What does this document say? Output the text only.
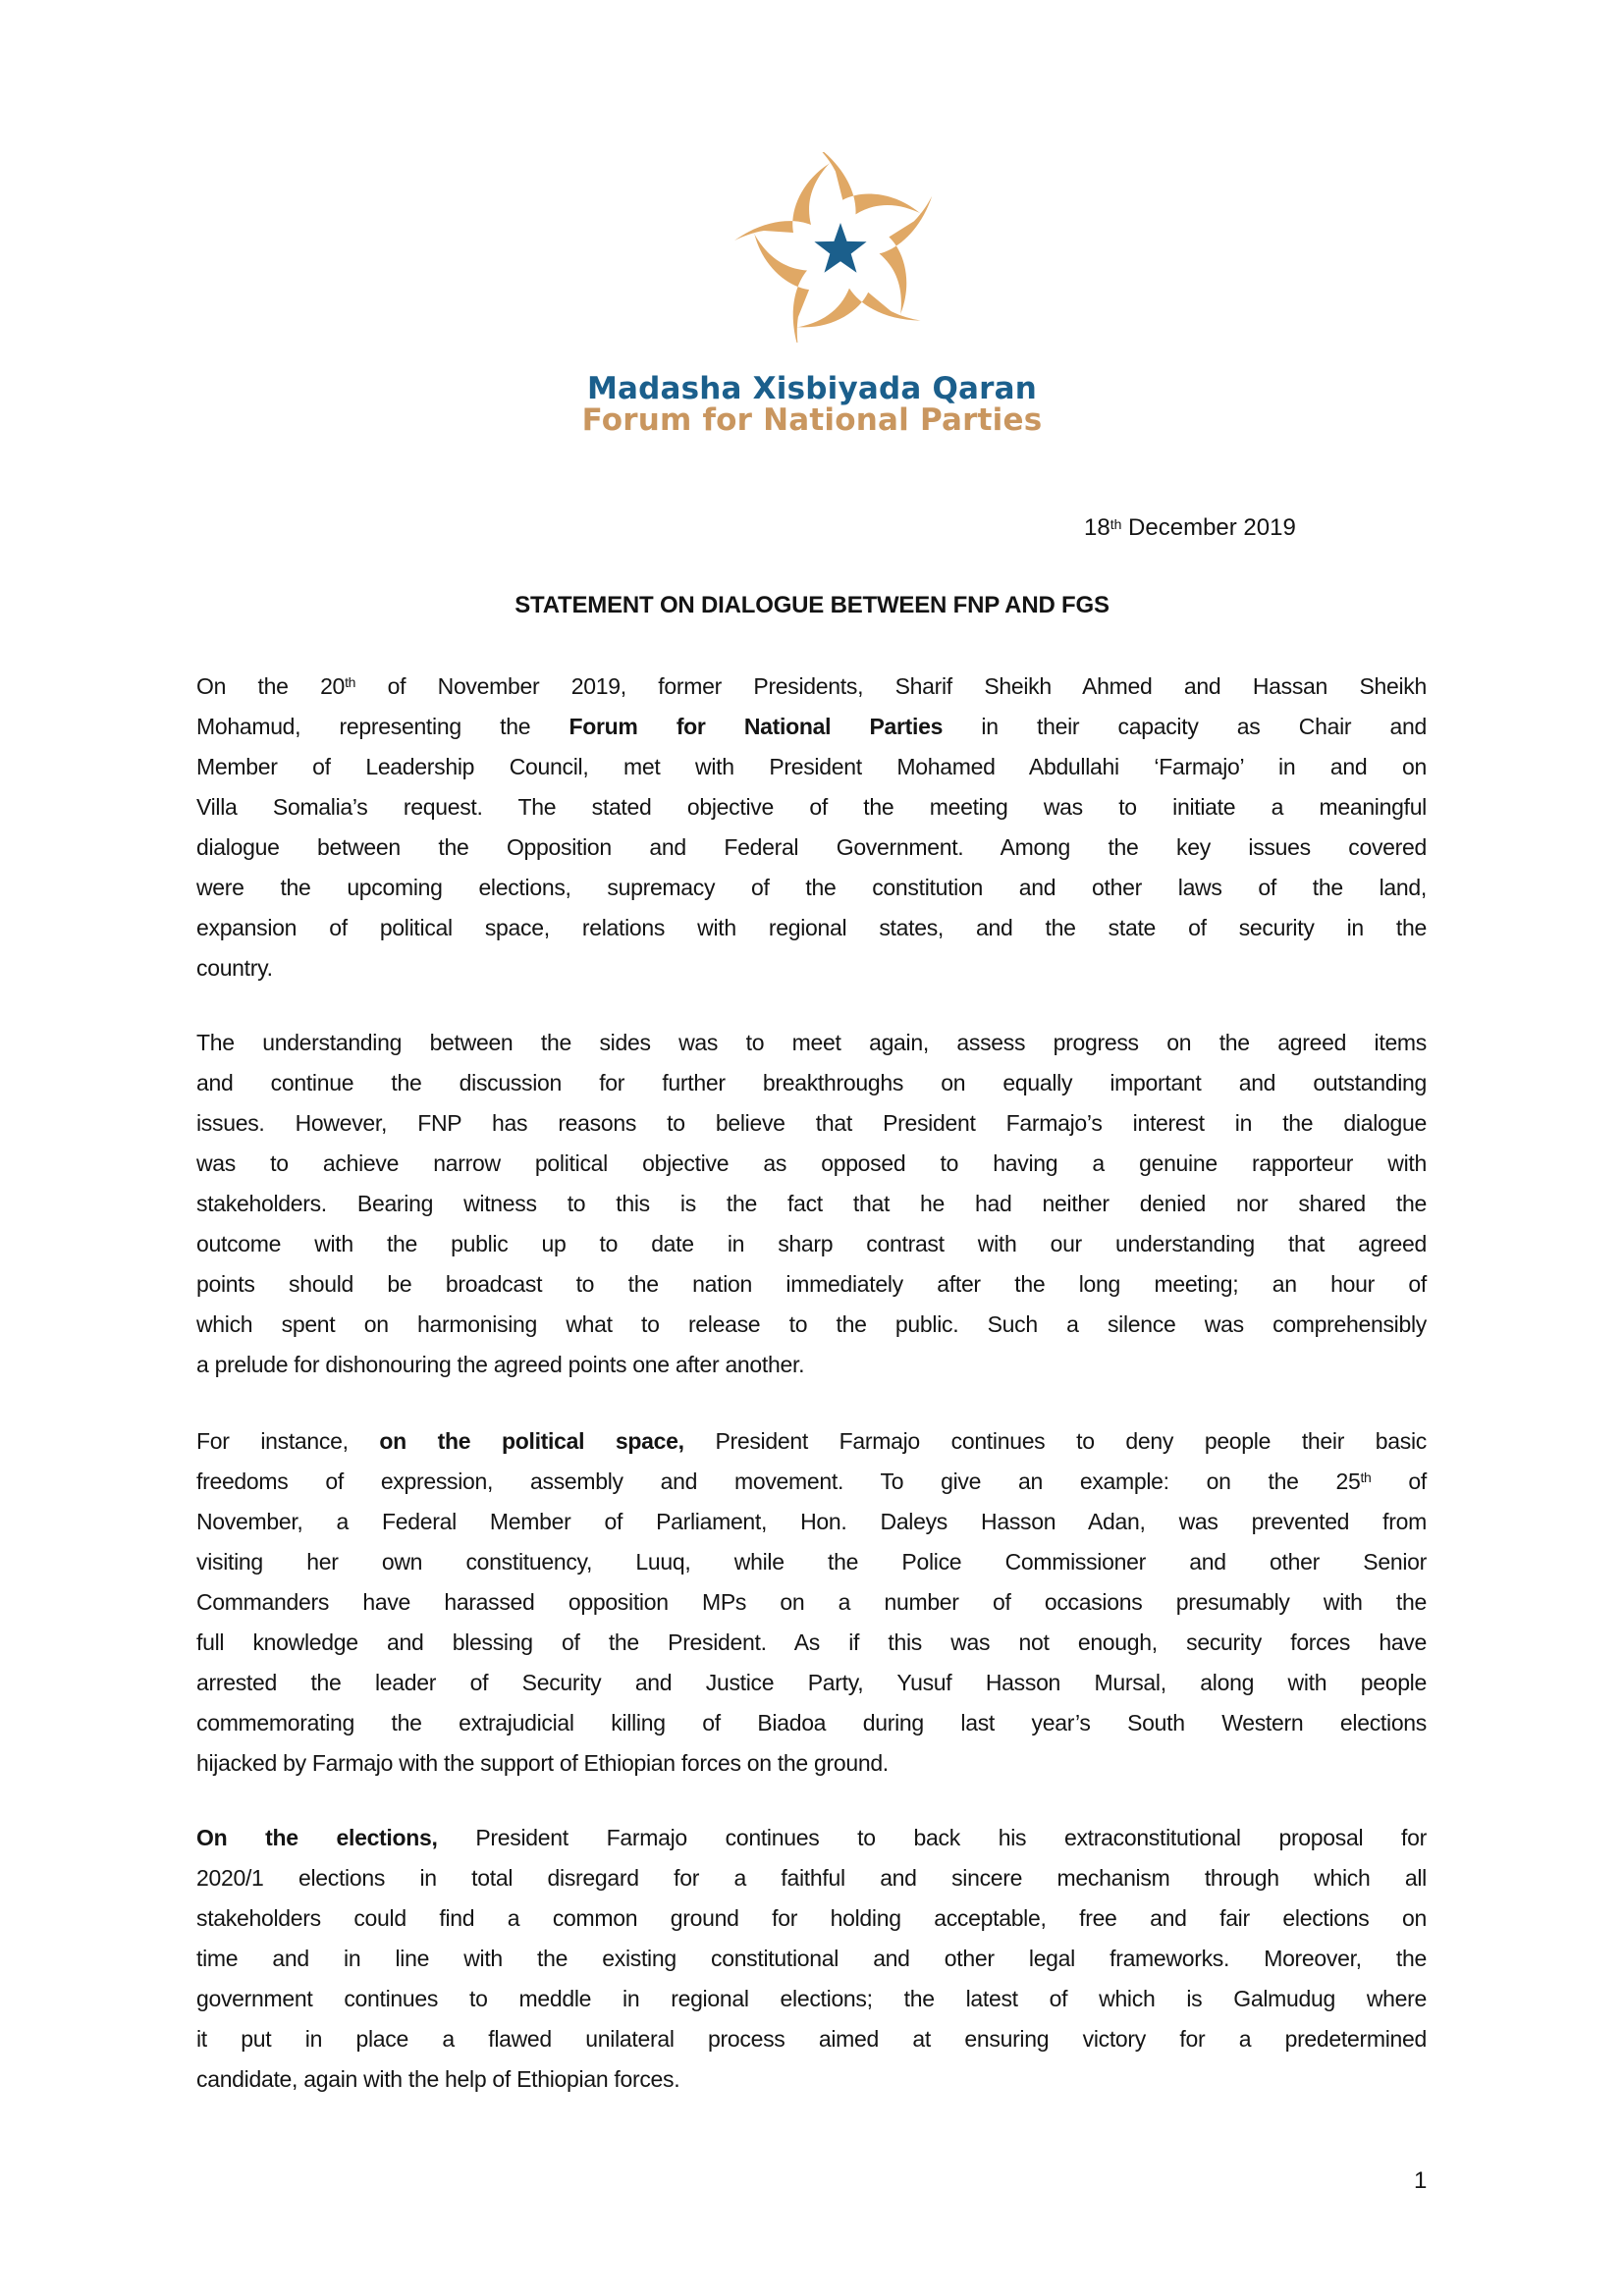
Madasha Xisbiyada Qaran
Forum for National Parties
18th December 2019
STATEMENT ON DIALOGUE BETWEEN FNP AND FGS
On the 20th of November 2019, former Presidents, Sharif Sheikh Ahmed and Hassan Sheikh
Mohamud, representing the Forum for National Parties in their capacity as Chair and
Member of Leadership Council, met with President Mohamed Abdullahi ‘Farmajo’ in and on
Villa Somalia’s request. The stated objective of the meeting was to initiate a meaningful
dialogue between the Opposition and Federal Government. Among the key issues covered
were the upcoming elections, supremacy of the constitution and other laws of the land,
expansion of political space, relations with regional states, and the state of security in the
country.
The understanding between the sides was to meet again, assess progress on the agreed items
and continue the discussion for further breakthroughs on equally important and outstanding
issues. However, FNP has reasons to believe that President Farmajo’s interest in the dialogue
was to achieve narrow political objective as opposed to having a genuine rapporteur with
stakeholders. Bearing witness to this is the fact that he had neither denied nor shared the
outcome with the public up to date in sharp contrast with our understanding that agreed
points should be broadcast to the nation immediately after the long meeting; an hour of
which spent on harmonising what to release to the public. Such a silence was comprehensibly
a prelude for dishonouring the agreed points one after another.
For instance, on the political space, President Farmajo continues to deny people their basic
freedoms of expression, assembly and movement. To give an example: on the 25th of
November, a Federal Member of Parliament, Hon. Daleys Hasson Adan, was prevented from
visiting her own constituency, Luuq, while the Police Commissioner and other Senior
Commanders have harassed opposition MPs on a number of occasions presumably with the
full knowledge and blessing of the President. As if this was not enough, security forces have
arrested the leader of Security and Justice Party, Yusuf Hasson Mursal, along with people
commemorating the extrajudicial killing of Biadoa during last year’s South Western elections
hijacked by Farmajo with the support of Ethiopian forces on the ground.
On the elections, President Farmajo continues to back his extraconstitutional proposal for
2020/1 elections in total disregard for a faithful and sincere mechanism through which all
stakeholders could find a common ground for holding acceptable, free and fair elections on
time and in line with the existing constitutional and other legal frameworks. Moreover, the
government continues to meddle in regional elections; the latest of which is Galmudug where
it put in place a flawed unilateral process aimed at ensuring victory for a predetermined
candidate, again with the help of Ethiopian forces.
1
